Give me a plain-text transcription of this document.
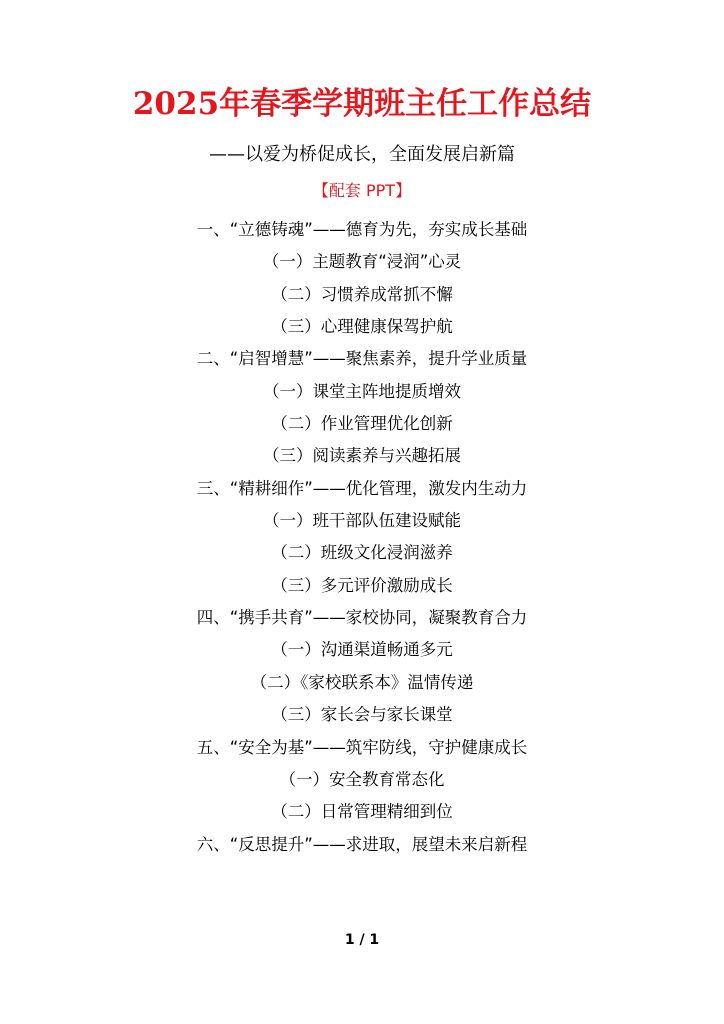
2025年春季学期班主任工作总结
——以爱为桥促成长，全面发展启新篇
【配套 PPT】
一、“立德铸魂”——德育为先，夯实成长基础
（一）主题教育“浸润”心灵
（二）习惯养成常抓不懈
（三）心理健康保驾护航
二、“启智增慧”——聚焦素养，提升学业质量
（一）课堂主阵地提质增效
（二）作业管理优化创新
（三）阅读素养与兴趣拓展
三、“精耕细作”——优化管理，激发内生动力
（一）班干部队伍建设赋能
（二）班级文化浸润滋养
（三）多元评价激励成长
四、“携手共育”——家校协同，凝聚教育合力
（一）沟通渠道畅通多元
（二）《家校联系本》温情传递
（三）家长会与家长课堂
五、“安全为基”——筑牢防线，守护健康成长
（一）安全教育常态化
（二）日常管理精细到位
六、“反思提升”——求进取，展望未来启新程
1 / 1
